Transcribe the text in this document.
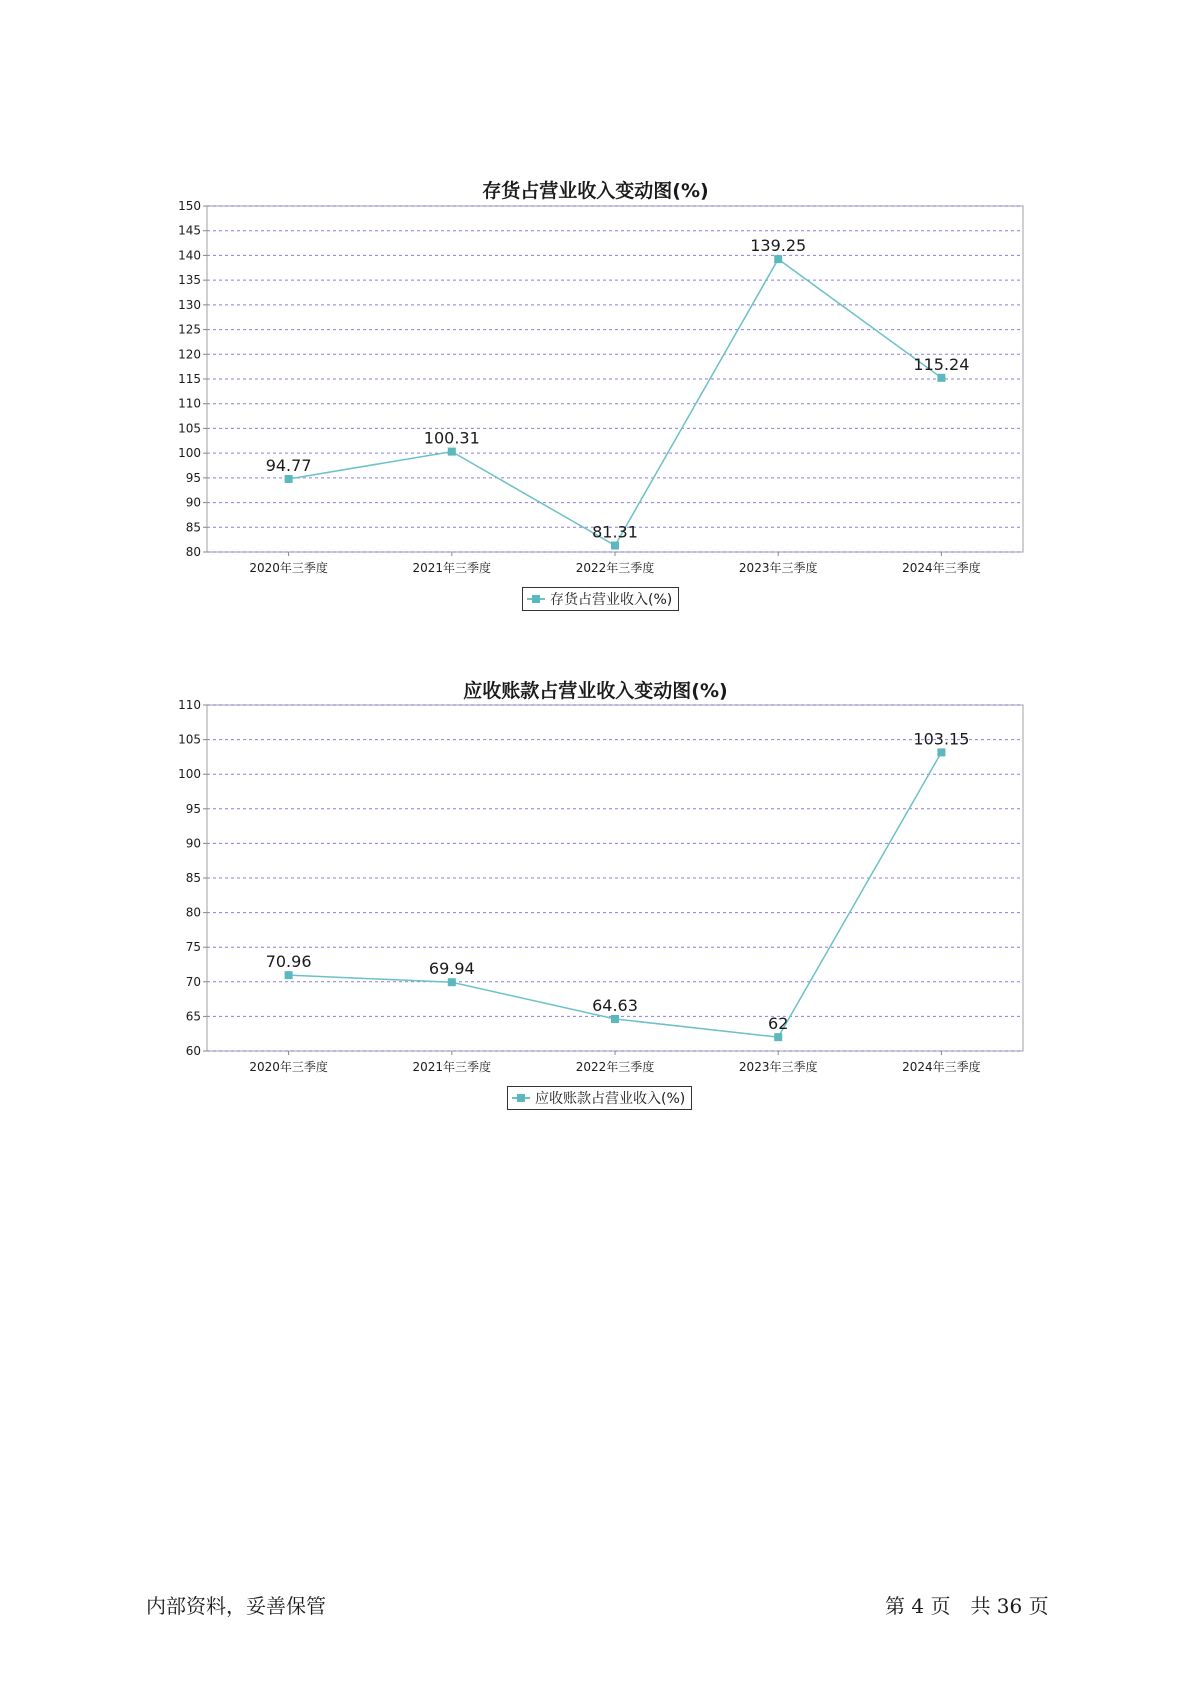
存货占营业收入变动图(%)
80
85
90
95
100
105
110
115
120
125
130
135
140
145
150
2020年三季度	2021年三季度	2022年三季度	2023年三季度	2024年三季度
94.77
100.31
81.31
139.25
115.24
存货占营业收入(%)
应收账款占营业收入变动图(%)
60
65
70
75
80
85
90
95
100
105
110
2020年三季度	2021年三季度	2022年三季度	2023年三季度	2024年三季度
70.96	69.94
64.63
62
103.15
应收账款占营业收入(%)
内部资料，妥善保管	第 4 页　共 36 页
